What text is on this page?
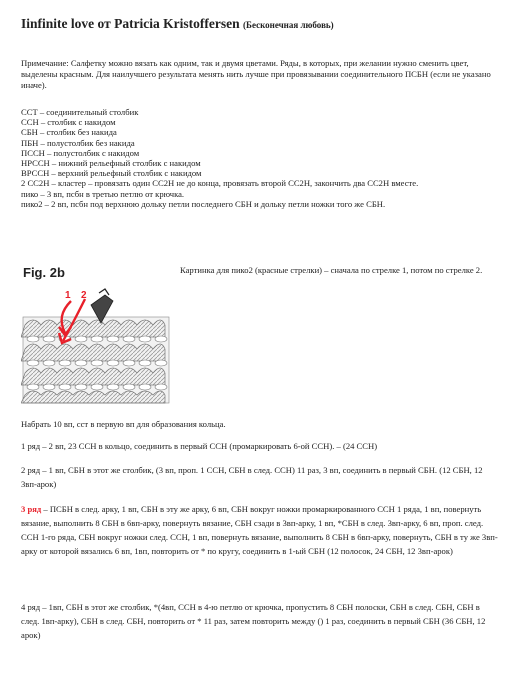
Iinfinite love от Patricia Kristoffersen (Бесконечная любовь)
Примечание: Салфетку можно вязать как одним, так и двумя цветами. Ряды, в которых, при желании нужно сменить цвет, выделены красным. Для наилучшего результата менять нить лучше при провязывании соединительного ПСБН (если не указано иначе).
ССТ – соединительный столбик
ССН – столбик с накидом
СБН – столбик без накида
ПБН – полустолбик без накида
ПССН – полустолбик с накидом
НРССН – нижний рельефный столбик с накидом
ВРССН – верхний рельефный столбик с накидом
2 СС2Н – кластер – провязать один СС2Н не до конца, провязать второй СС2Н, закончить два СС2Н вместе.
пико – 3 вп, псбн в третью петлю от крючка.
пико2 – 2 вп, псбн под верхнюю дольку петли последнего СБН и дольку петли ножки того же СБН.
Fig. 2b
1 2
Картинка для пико2 (красные стрелки) – сначала по стрелке 1, потом по стрелке 2.
Набрать 10 вп, сст в первую вп для образования кольца.
1 ряд – 2 вп, 23 ССН в кольцо, соединить в первый ССН (промаркировать 6-ой ССН). – (24 ССН)
2 ряд – 1 вп, СБН в этот же столбик, (3 вп, проп. 1 ССН, СБН в след. ССН) 11 раз, 3 вп, соединить в первый СБН. (12 СБН, 12 3вп-арок)
3 ряд – ПСБН в след. арку, 1 вп, СБН в эту же арку, 6 вп, СБН вокруг ножки промаркированного ССН 1 ряда, 1 вп, повернуть вязание, выполнить 8 СБН в 6вп-арку, повернуть вязание, СБН сзади в 3вп-арку, 1 вп, *СБН в след. 3вп-арку, 6 вп, проп. след. ССН 1-го ряда, СБН вокруг ножки след. ССН, 1 вп, повернуть вязание, выполнить 8 СБН в 6вп-арку, повернуть, СБН в ту же 3вп-арку от которой вязались 6 вп, 1вп, повторить от * по кругу, соединить в 1-ый СБН (12 полосок, 24 СБН, 12 3вп-арок)
4 ряд – 1вп, СБН в этот же столбик, *(4вп, ССН в 4-ю петлю от крючка, пропустить 8 СБН полоски, СБН в след. СБН, СБН в след. 1вп-арку), СБН в след. СБН, повторить от * 11 раз, затем повторить между () 1 раз, соединить в первый СБН (36 СБН, 12 арок)
